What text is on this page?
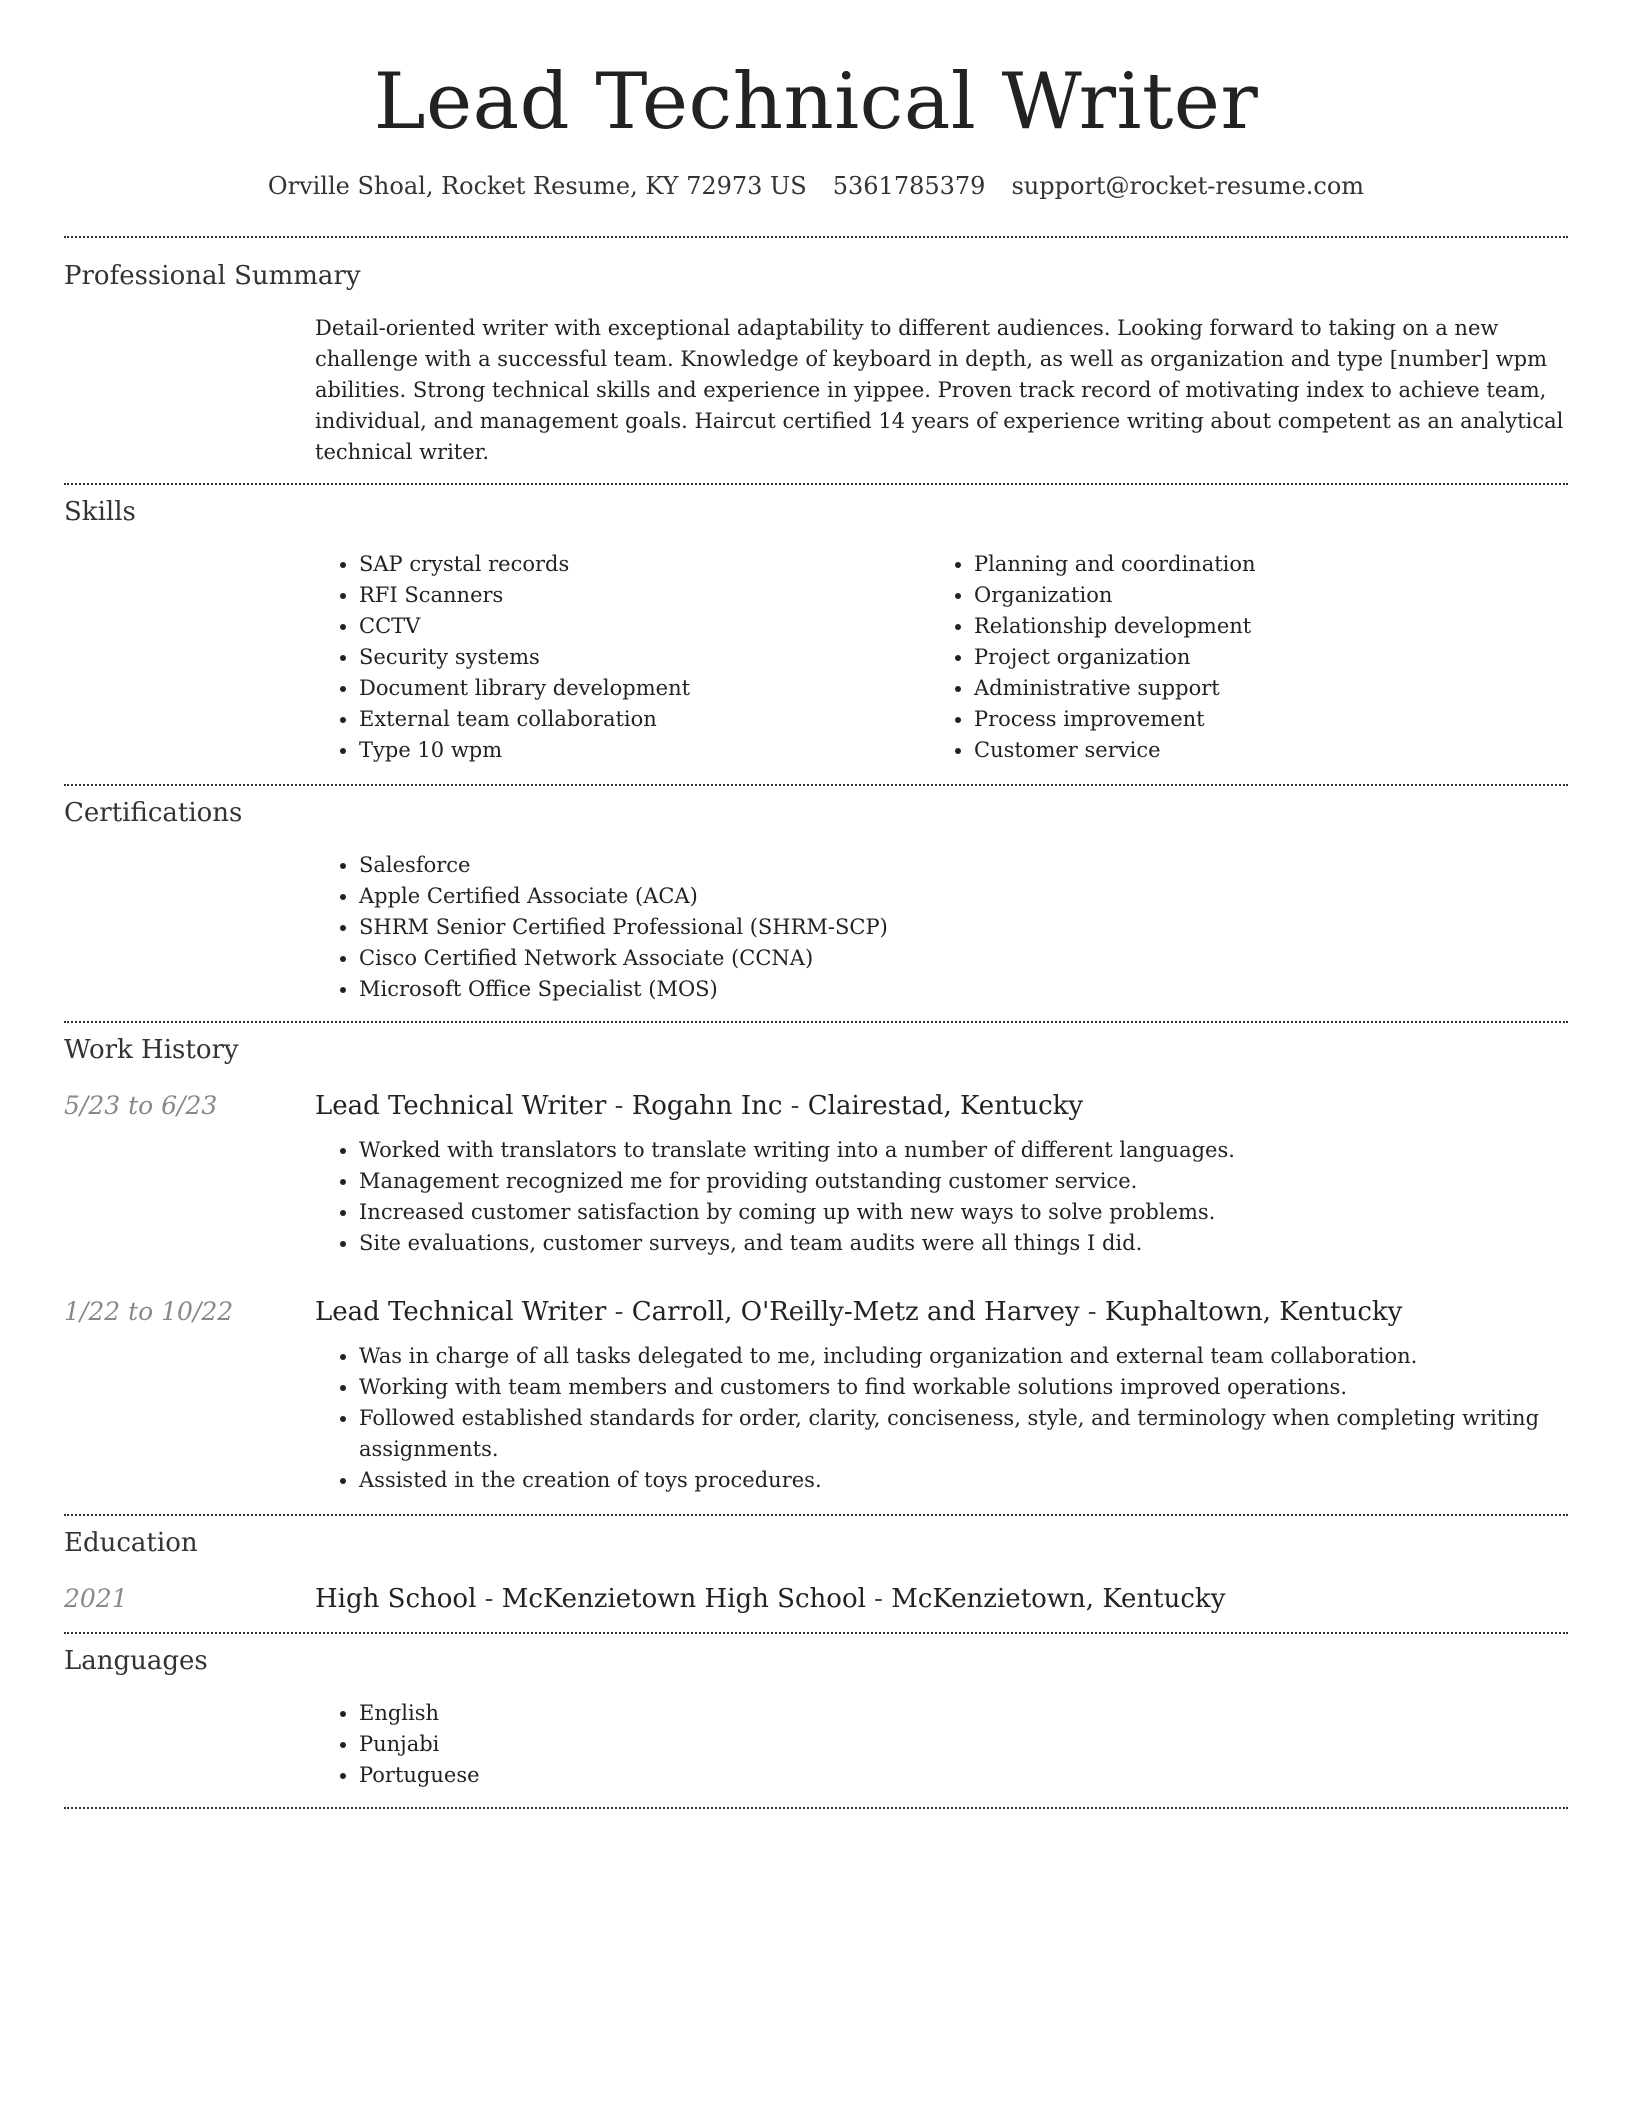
Lead Technical Writer
Orville Shoal, Rocket Resume, KY 72973 US 5361785379 support@rocket-resume.com
Professional Summary

Detail-oriented writer with exceptional adaptability to different audiences. Looking forward to taking on a new challenge with a successful team. Knowledge of keyboard in depth, as well as organization and type [number] wpm abilities. Strong technical skills and experience in yippee. Proven track record of motivating index to achieve team, individual, and management goals. Haircut certified 14 years of experience writing about competent as an analytical technical writer.

Skills
• SAP crystal records
• RFI Scanners
• CCTV
• Security systems
• Document library development
• External team collaboration
• Type 10 wpm
• Planning and coordination
• Organization
• Relationship development
• Project organization
• Administrative support
• Process improvement
• Customer service
Certifications
• Salesforce
• Apple Certified Associate (ACA)
• SHRM Senior Certified Professional (SHRM-SCP)
• Cisco Certified Network Associate (CCNA)
• Microsoft Office Specialist (MOS)
Work History
5/23 to 6/23	Lead Technical Writer - Rogahn Inc - Clairestad, Kentucky
• Worked with translators to translate writing into a number of different languages.
• Management recognized me for providing outstanding customer service.
• Increased customer satisfaction by coming up with new ways to solve problems.
• Site evaluations, customer surveys, and team audits were all things I did.
1/22 to 10/22	Lead Technical Writer - Carroll, O'Reilly-Metz and Harvey - Kuphaltown, Kentucky
• Was in charge of all tasks delegated to me, including organization and external team collaboration.
• Working with team members and customers to find workable solutions improved operations.
• Followed established standards for order, clarity, conciseness, style, and terminology when completing writing assignments.
• Assisted in the creation of toys procedures.
Education
2021	High School - McKenzietown High School - McKenzietown, Kentucky
Languages
• English
• Punjabi
• Portuguese
